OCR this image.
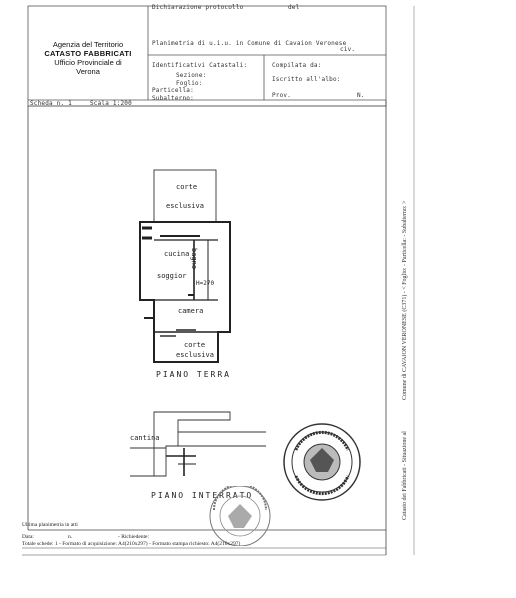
Agenzia del Territorio
CATASTO FABBRICATI
Ufficio Provinciale di
Verona
Dichiarazione protocollo	del
Planimetria di u.i.u. in Comune di Cavaion Veronese
civ.
Identificativi Catastali:
Sezione:
Foglio:
Particella:
Subalterno:
Compilata da:
Iscritto all'albo:
Prov.	N.
Scheda n. 1	Scala 1:200
corte
esclusiva
cucina bagno
soggior
H=270
camera
corte
esclusiva
PIANO TERRA
cantina
PIANO INTERRATO
Ultima planimetria in atti
Data:	n.	- Richiedente:
Totale schede: 1 - Formato di acquisizione: A4(210x297) - Formato stampa richiesto: A4(210x297)
Catasto dei Fabbricati - Situazione al
Comune di CAVAION VERONESE (C371) - < Foglio: - Particella: - Subalterno: >
